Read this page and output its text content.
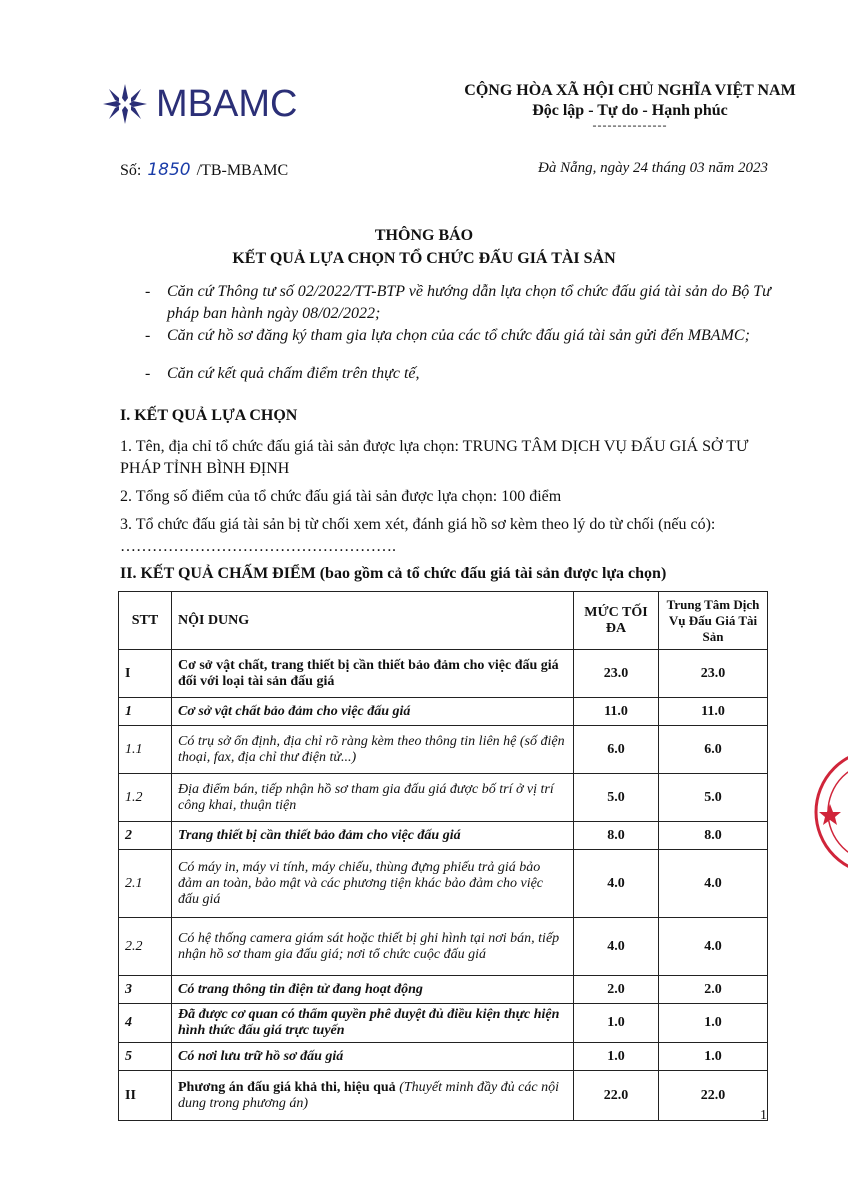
MBAMC	CỘNG HÒA XÃ HỘI CHỦ NGHĨA VIỆT NAM
Độc lập - Tự do - Hạnh phúc
---------------
Số: 1850 /TB-MBAMC	Đà Nẵng, ngày 24 tháng 03 năm 2023
THÔNG BÁO
KẾT QUẢ LỰA CHỌN TỔ CHỨC ĐẤU GIÁ TÀI SẢN
- Căn cứ Thông tư số 02/2022/TT-BTP về hướng dẫn lựa chọn tổ chức đấu giá tài sản do Bộ Tư pháp ban hành ngày 08/02/2022;
- Căn cứ hồ sơ đăng ký tham gia lựa chọn của các tổ chức đấu giá tài sản gửi đến MBAMC;
- Căn cứ kết quả chấm điểm trên thực tế,
I. KẾT QUẢ LỰA CHỌN
1. Tên, địa chỉ tổ chức đấu giá tài sản được lựa chọn: TRUNG TÂM DỊCH VỤ ĐẤU GIÁ SỞ TƯ PHÁP TỈNH BÌNH ĐỊNH
2. Tổng số điểm của tổ chức đấu giá tài sản được lựa chọn: 100 điểm
3. Tổ chức đấu giá tài sản bị từ chối xem xét, đánh giá hồ sơ kèm theo lý do từ chối (nếu có): …………………………………………….
II. KẾT QUẢ CHẤM ĐIỂM (bao gồm cả tổ chức đấu giá tài sản được lựa chọn)
STT	NỘI DUNG	MỨC TỐI ĐA	Trung Tâm Dịch Vụ Đấu Giá Tài Sản
I	Cơ sở vật chất, trang thiết bị cần thiết bảo đảm cho việc đấu giá đối với loại tài sản đấu giá	23.0	23.0
1	Cơ sở vật chất bảo đảm cho việc đấu giá	11.0	11.0
1.1	Có trụ sở ổn định, địa chỉ rõ ràng kèm theo thông tin liên hệ (số điện thoại, fax, địa chỉ thư điện tử...)	6.0	6.0
1.2	Địa điểm bán, tiếp nhận hồ sơ tham gia đấu giá được bố trí ở vị trí công khai, thuận tiện	5.0	5.0
2	Trang thiết bị cần thiết bảo đảm cho việc đấu giá	8.0	8.0
2.1	Có máy in, máy vi tính, máy chiếu, thùng đựng phiếu trả giá bảo đảm an toàn, bảo mật và các phương tiện khác bảo đảm cho việc đấu giá	4.0	4.0
2.2	Có hệ thống camera giám sát hoặc thiết bị ghi hình tại nơi bán, tiếp nhận hồ sơ tham gia đấu giá; nơi tổ chức cuộc đấu giá	4.0	4.0
3	Có trang thông tin điện tử đang hoạt động	2.0	2.0
4	Đã được cơ quan có thẩm quyền phê duyệt đủ điều kiện thực hiện hình thức đấu giá trực tuyến	1.0	1.0
5	Có nơi lưu trữ hồ sơ đấu giá	1.0	1.0
II	Phương án đấu giá khả thi, hiệu quả (Thuyết minh đầy đủ các nội dung trong phương án)	22.0	22.0
1
